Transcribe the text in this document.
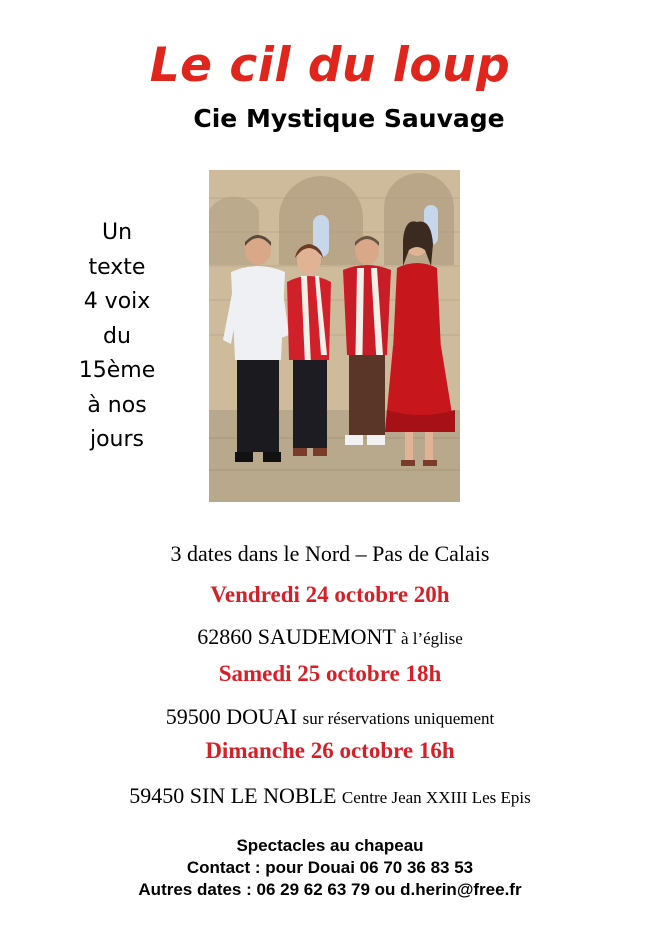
Le cil du loup
Cie Mystique Sauvage
Un
texte
4 voix
du
15ème
à nos
jours
3 dates dans le Nord – Pas de Calais
Vendredi 24 octobre 20h
62860 SAUDEMONT à l’église
Samedi 25 octobre 18h
59500 DOUAI sur réservations uniquement
Dimanche 26 octobre 16h
59450 SIN LE NOBLE Centre Jean XXIII Les Epis
Spectacles au chapeau
Contact : pour Douai 06 70 36 83 53
Autres dates : 06 29 62 63 79 ou d.herin@free.fr
